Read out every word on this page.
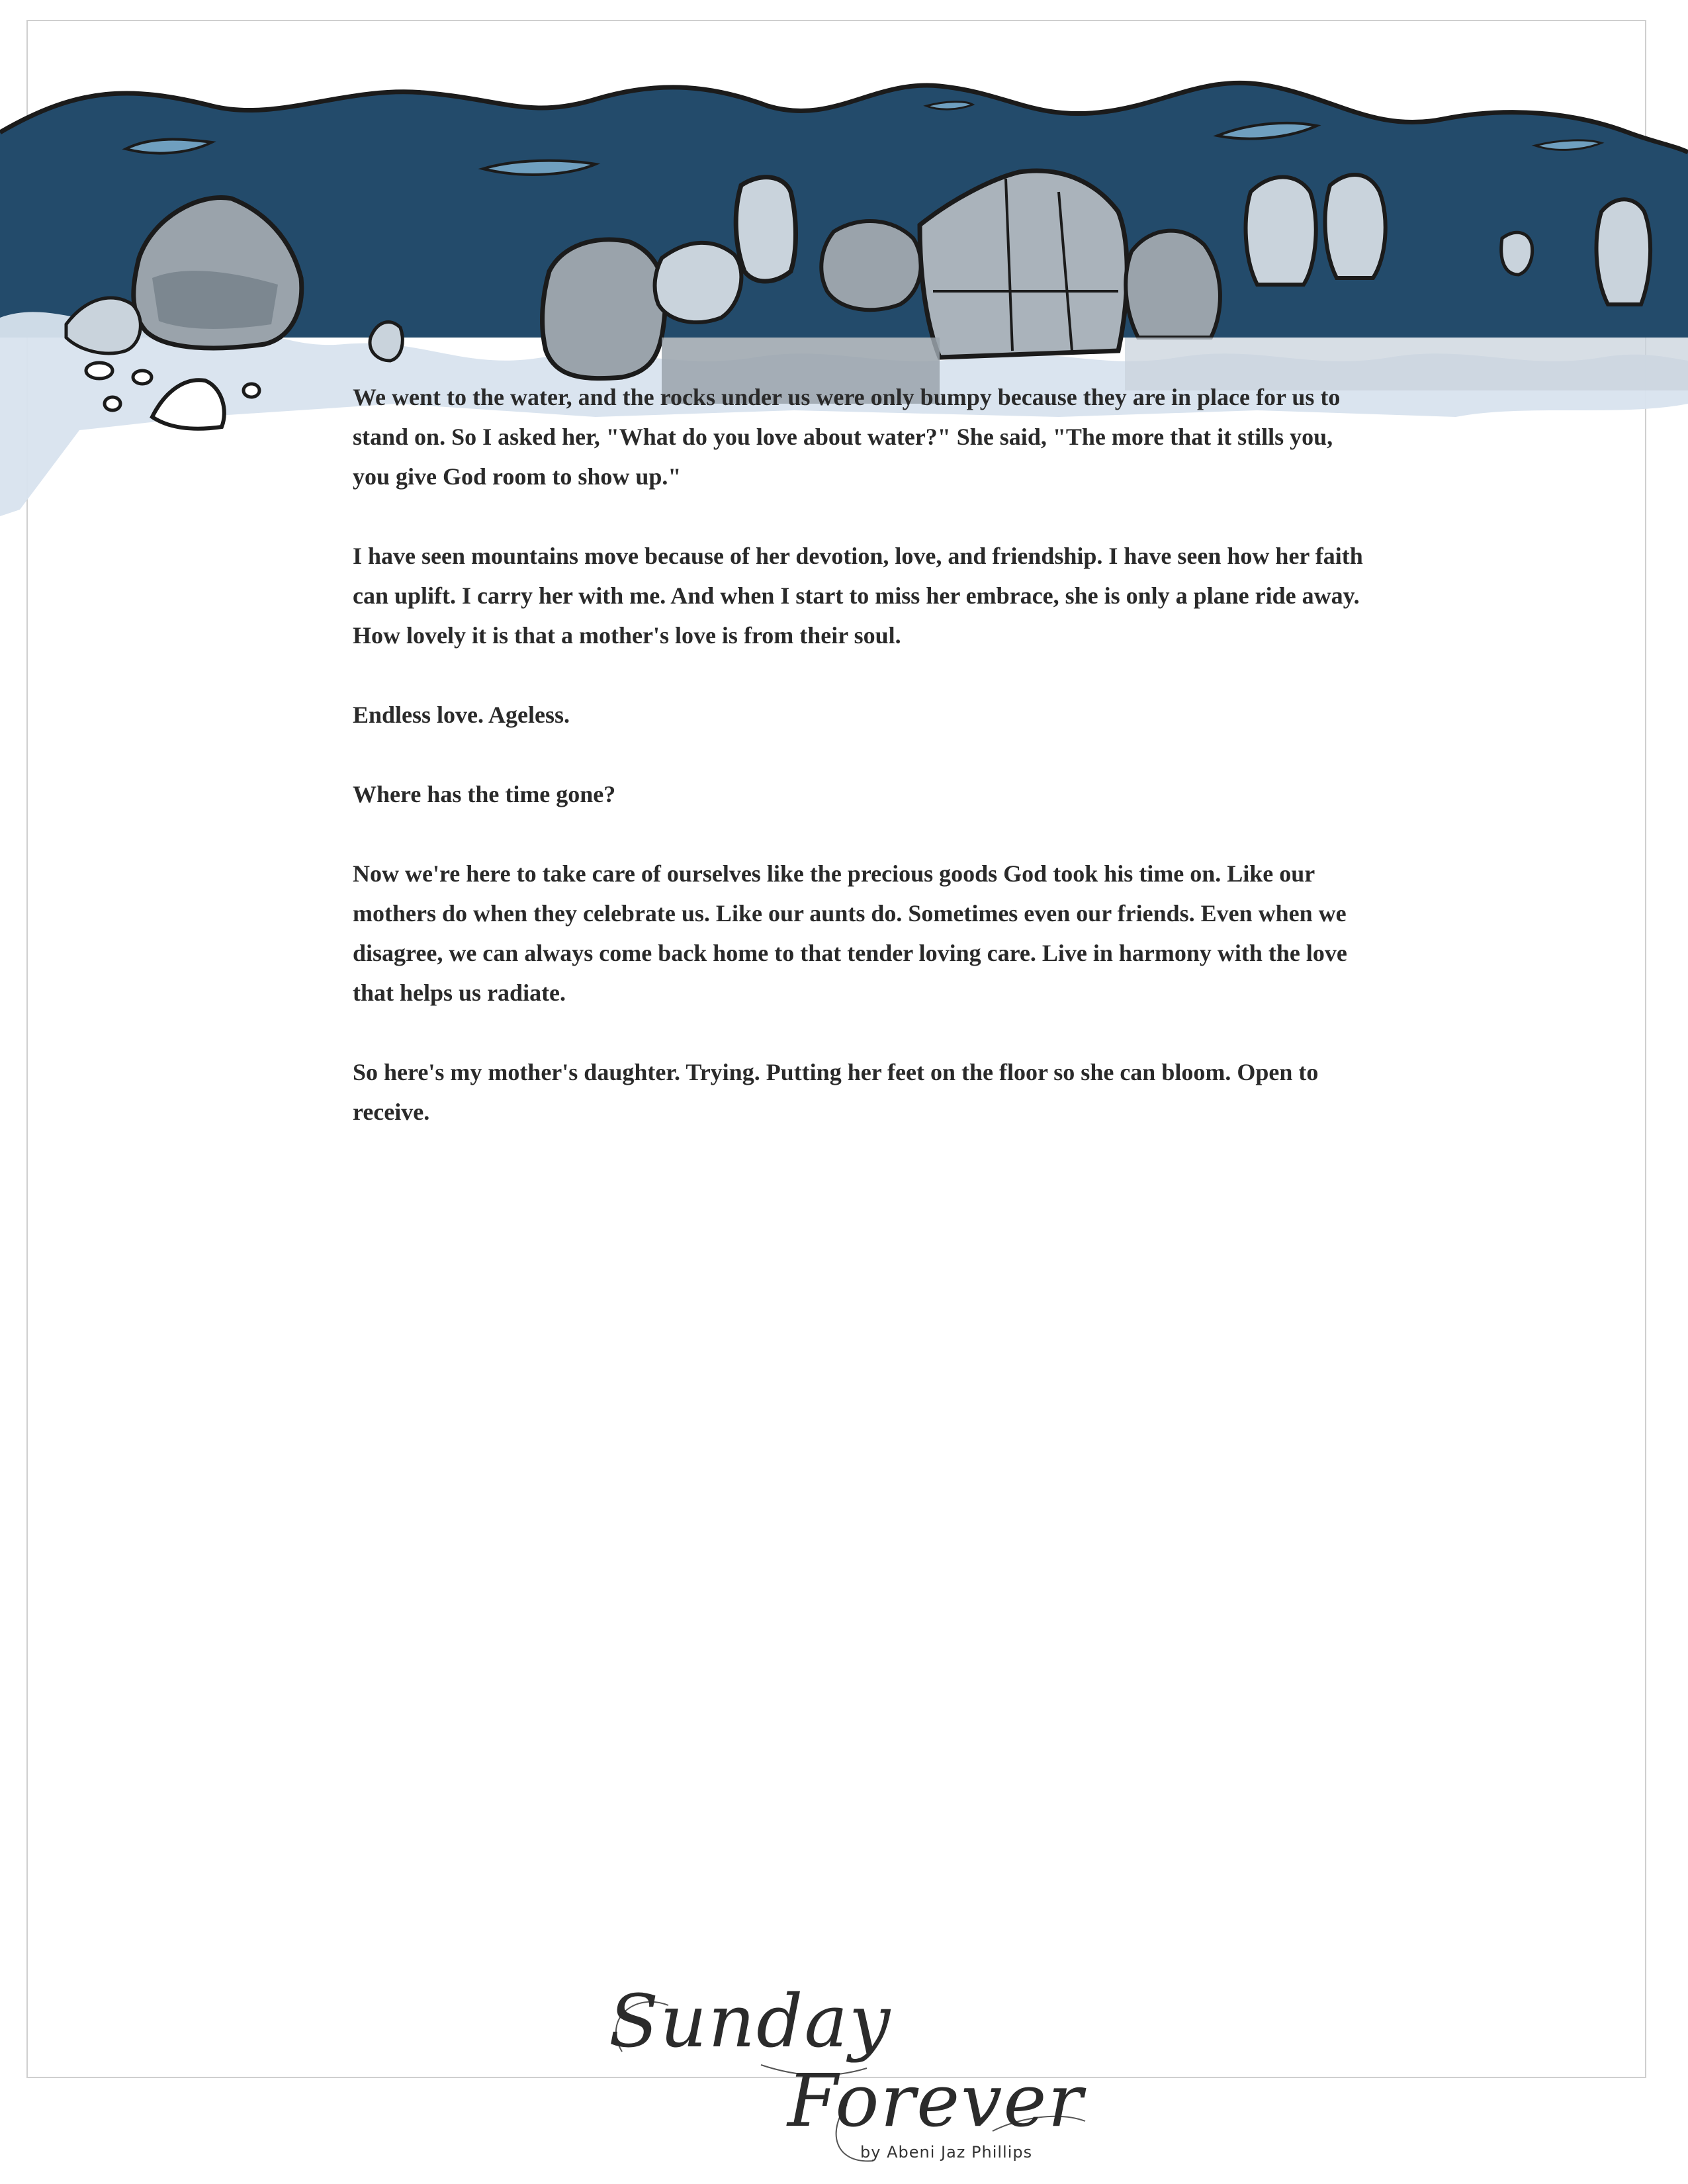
We went to the water, and the rocks under us were only bumpy because they are in place for us to stand on. So I asked her, "What do you love about water?" She said, "The more that it stills you, you give God room to show up."

I have seen mountains move because of her devotion, love, and friendship. I have seen how her faith can uplift. I carry her with me. And when I start to miss her embrace, she is only a plane ride away. How lovely it is that a mother's love is from their soul.

Endless love. Ageless.

Where has the time gone?

Now we're here to take care of ourselves like the precious goods God took his time on. Like our mothers do when they celebrate us. Like our aunts do. Sometimes even our friends. Even when we disagree, we can always come back home to that tender loving care. Live in harmony with the love that helps us radiate.

So here's my mother's daughter. Trying. Putting her feet on the floor so she can bloom. Open to receive.

Sunday
Forever
by Abeni Jaz Phillips
